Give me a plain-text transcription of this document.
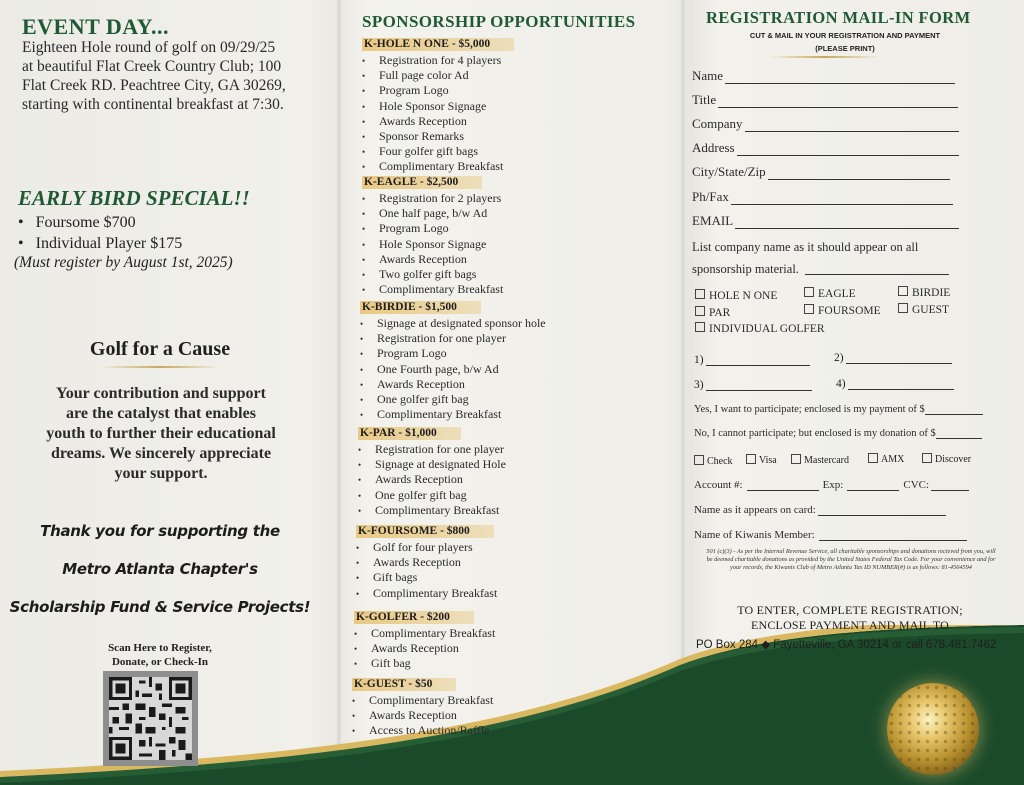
EVENT DAY...
Eighteen Hole round of golf on 09/29/25
at beautiful Flat Creek Country Club; 100
Flat Creek RD. Peachtree City, GA 30269,
starting with continental breakfast at 7:30.
EARLY BIRD SPECIAL!!
• Foursome $700
• Individual Player $175
(Must register by August 1st, 2025)
Golf for a Cause
Your contribution and support
are the catalyst that enables
youth to further their educational
dreams. We sincerely appreciate
your support.
Thank you for supporting the
Metro Atlanta Chapter's
Scholarship Fund & Service Projects!
Scan Here to Register,
Donate, or Check-In
SPONSORSHIP OPPORTUNITIES
K-HOLE N ONE - $5,000
• Registration for 4 players
• Full page color Ad
• Program Logo
• Hole Sponsor Signage
• Awards Reception
• Sponsor Remarks
• Four golfer gift bags
• Complimentary Breakfast
K-EAGLE - $2,500
• Registration for 2 players
• One half page, b/w Ad
• Program Logo
• Hole Sponsor Signage
• Awards Reception
• Two golfer gift bags
• Complimentary Breakfast
K-BIRDIE - $1,500
• Signage at designated sponsor hole
• Registration for one player
• Program Logo
• One Fourth page, b/w Ad
• Awards Reception
• One golfer gift bag
• Complimentary Breakfast
K-PAR - $1,000
• Registration for one player
• Signage at designated Hole
• Awards Reception
• One golfer gift bag
• Complimentary Breakfast
K-FOURSOME - $800
• Golf for four players
• Awards Reception
• Gift bags
• Complimentary Breakfast
K-GOLFER - $200
• Complimentary Breakfast
• Awards Reception
• Gift bag
K-GUEST - $50
• Complimentary Breakfast
• Awards Reception
• Access to Auction/Raffle
REGISTRATION MAIL-IN FORM
CUT & MAIL IN YOUR REGISTRATION AND PAYMENT
(PLEASE PRINT)
Name
Title
Company
Address
City/State/Zip
Ph/Fax
EMAIL
List company name as it should appear on all
sponsorship material.
HOLE N ONE	EAGLE	BIRDIE
PAR	FOURSOME	GUEST
INDIVIDUAL GOLFER
1)	2)
3)	4)
Yes, I want to participate; enclosed is my payment of $
No, I cannot participate; but enclosed is my donation of $
Check	Visa	Mastercard	AMX	Discover
Account #:	Exp:	CVC:
Name as it appears on card:
Name of Kiwanis Member:
501 (c)(3) - As per the Internal Revenue Service, all charitable sponsorships and donations recieved from you, will be deemed charitable donations as provided by the United States Federal Tax Code. For your convenience and for your records, the Kiwanis Club of Metro Atlanta Tax ID NUMBER(#) is as follows: 81-4564594
TO ENTER, COMPLETE REGISTRATION;
ENCLOSE PAYMENT AND MAIL TO
PO Box 284 ◆ Fayetteville, GA 30214 or call 678.481.7462
